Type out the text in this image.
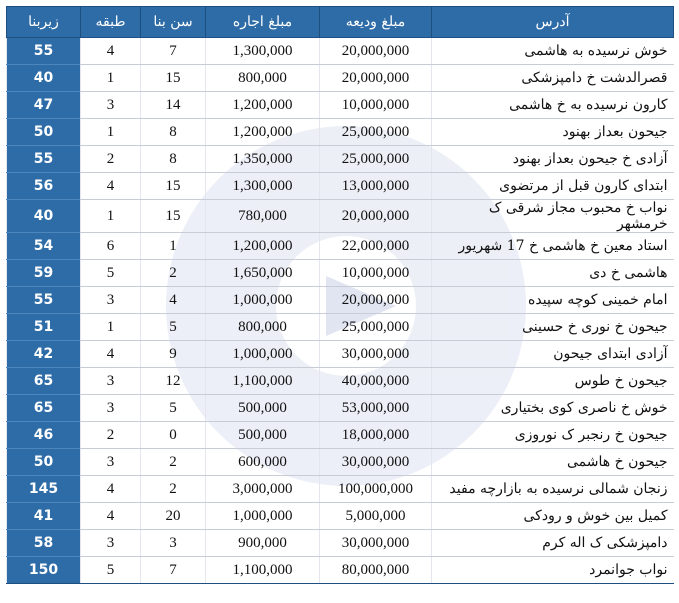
آدرس	مبلغ ودیعه	مبلغ اجاره	سن بنا	طبقه	زیربنا
خوش نرسیده به هاشمی	20,000,000	1,300,000	7	4	55
قصرالدشت خ دامپزشکی	20,000,000	800,000	15	1	40
کارون نرسیده به خ هاشمی	10,000,000	1,200,000	14	3	47
جیحون بعداز بهنود	25,000,000	1,200,000	8	1	50
آزادی خ جیحون بعداز بهنود	25,000,000	1,350,000	8	2	55
ابتدای کارون قبل از مرتضوی	13,000,000	1,300,000	15	4	56
نواب خ محبوب مجاز شرقی ک خرمشهر	20,000,000	780,000	15	1	40
استاد معین خ هاشمی خ 17 شهریور	22,000,000	1,200,000	1	6	54
هاشمی خ دی	10,000,000	1,650,000	2	5	59
امام خمینی کوچه سپیده	20,000,000	1,000,000	4	3	55
جیحون خ نوری خ حسینی	25,000,000	800,000	5	1	51
آزادی ابتدای جیحون	30,000,000	1,000,000	9	4	42
جیحون خ طوس	40,000,000	1,100,000	12	3	65
خوش خ ناصری کوی بختیاری	53,000,000	500,000	5	3	65
جیحون خ رنجبر ک نوروزی	18,000,000	500,000	0	2	46
جیحون خ هاشمی	30,000,000	600,000	2	3	50
زنجان شمالی نرسیده به بازارچه مفید	100,000,000	3,000,000	2	4	145
کمیل بین خوش و رودکی	5,000,000	1,000,000	20	4	41
دامپزشکی ک اله کرم	30,000,000	900,000	3	3	58
نواب جوانمرد	80,000,000	1,100,000	7	5	150
